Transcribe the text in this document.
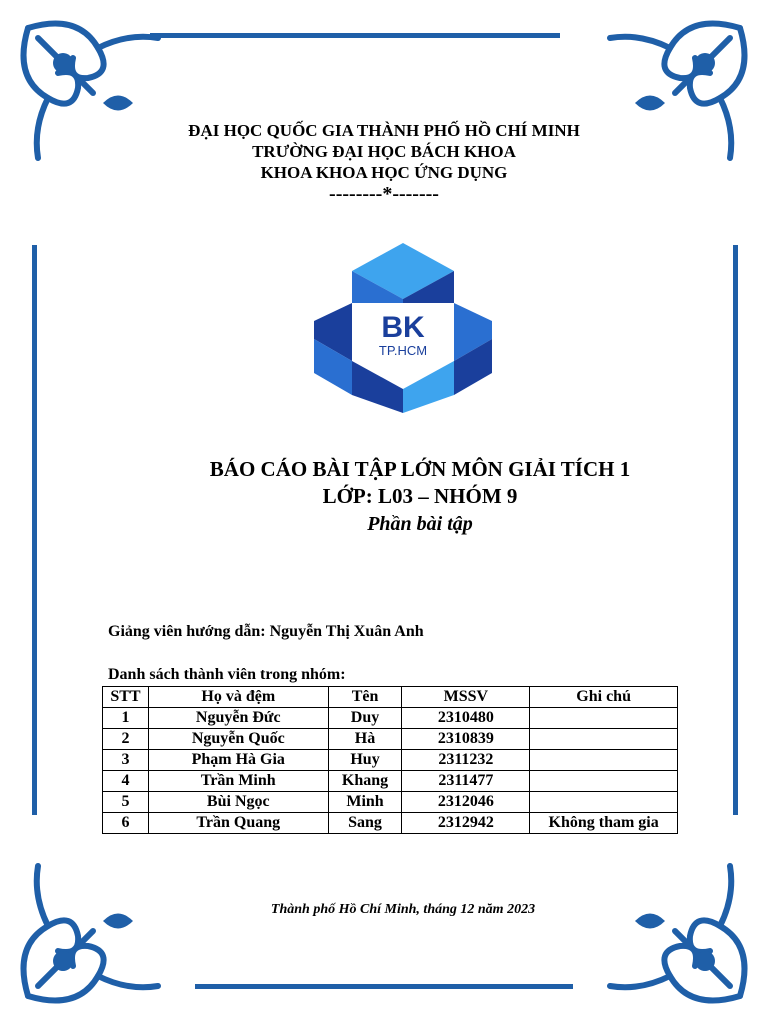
ĐẠI HỌC QUỐC GIA THÀNH PHỐ HỒ CHÍ MINH
TRƯỜNG ĐẠI HỌC BÁCH KHOA
KHOA KHOA HỌC ỨNG DỤNG
--------*-------
BK
TP.HCM
BÁO CÁO BÀI TẬP LỚN MÔN GIẢI TÍCH 1
LỚP: L03 – NHÓM 9
Phần bài tập
Giảng viên hướng dẫn: Nguyễn Thị Xuân Anh
Danh sách thành viên trong nhóm:
STT	Họ và đệm	Tên	MSSV	Ghi chú
1	Nguyễn Đức	Duy	2310480	
2	Nguyễn Quốc	Hà	2310839	
3	Phạm Hà Gia	Huy	2311232	
4	Trần Minh	Khang	2311477	
5	Bùi Ngọc	Minh	2312046	
6	Trần Quang	Sang	2312942	Không tham gia
Thành phố Hồ Chí Minh, tháng 12 năm 2023
